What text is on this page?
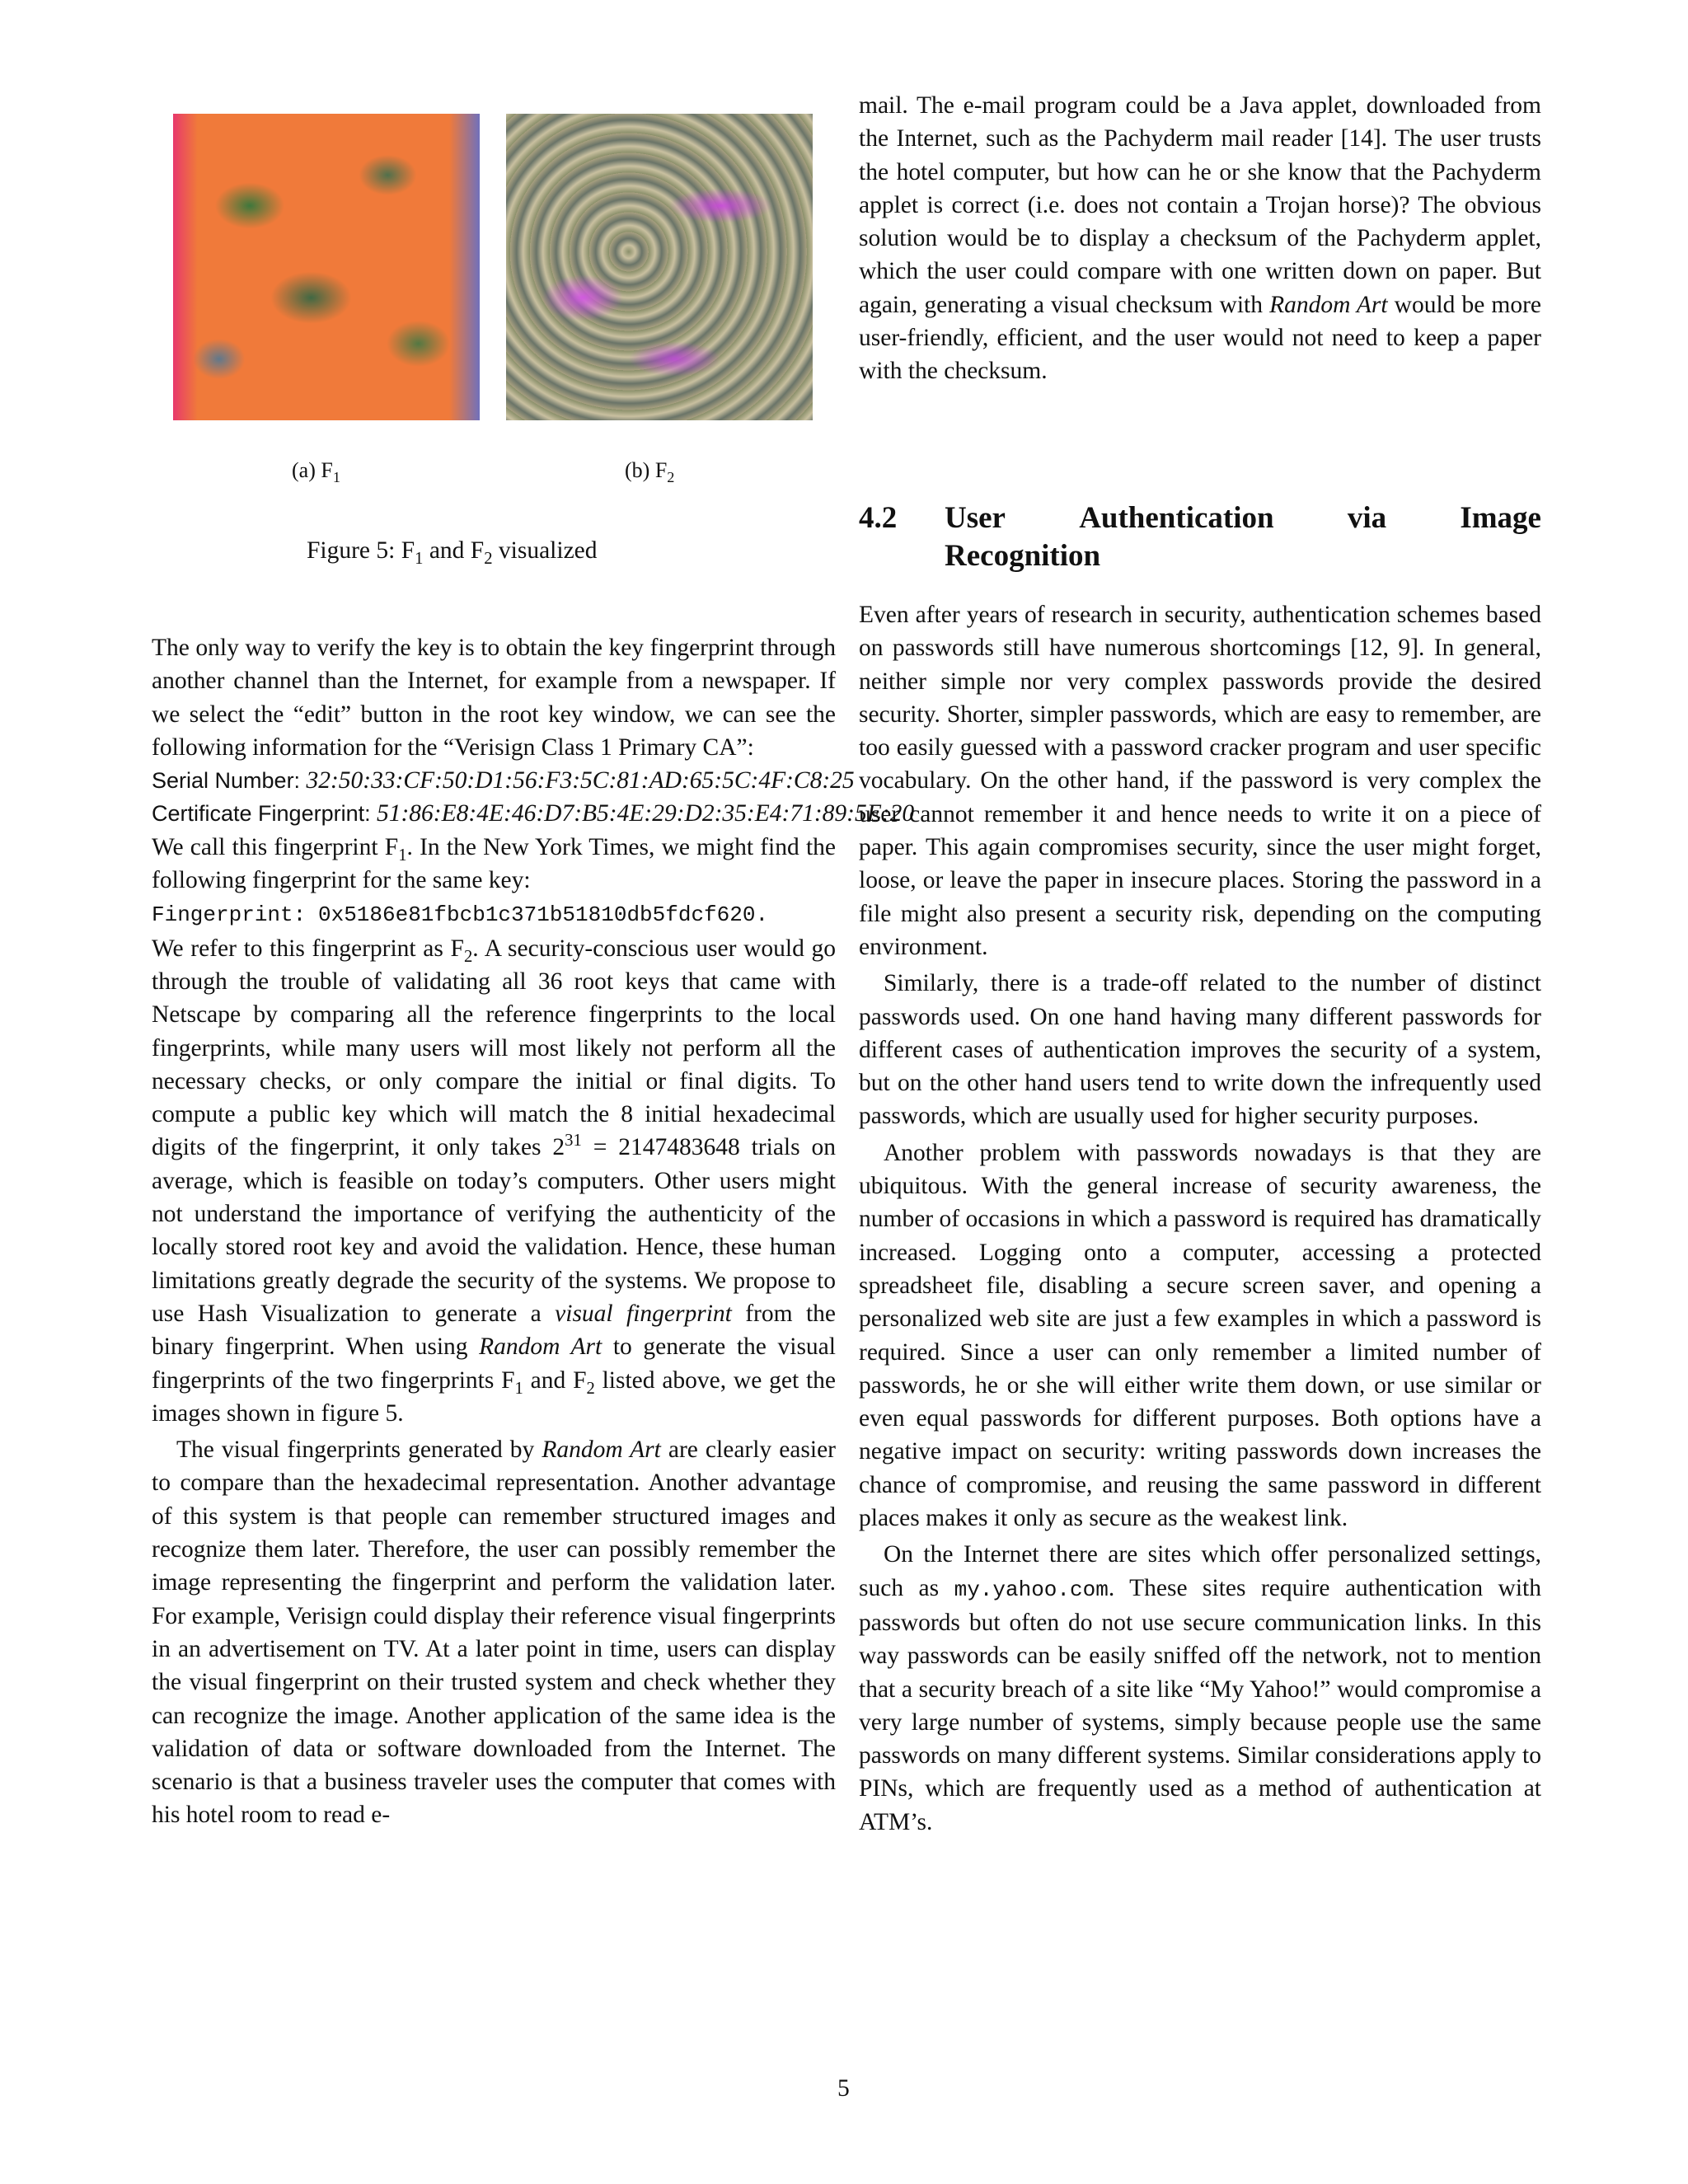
(a) $F_1$	(b) $F_2$
Figure 5: $F_1$ and $F_2$ visualized

The only way to verify the key is to obtain the key fingerprint through another channel than the Internet, for example from a newspaper. If we select the “edit” button in the root key window, we can see the following information for the “Verisign Class 1 Primary CA”:

Serial Number: 32:50:33:CF:50:D1:56:F3:5C:81:AD:65:5C:4F:C8:25

Certificate Fingerprint: 51:86:E8:4E:46:D7:B5:4E:29:D2:35:E4:71:89:5E:20

We call this fingerprint $F_1$. In the New York Times, we might find the following fingerprint for the same key:

Fingerprint: 0x5186e81fbcb1c371b51810db5fdcf620.

We refer to this fingerprint as $F_2$. A security-conscious user would go through the trouble of validating all 36 root keys that came with Netscape by comparing all the reference fingerprints to the local fingerprints, while many users will most likely not perform all the necessary checks, or only compare the initial or final digits. To compute a public key which will match the 8 initial hexadecimal digits of the fingerprint, it only takes $2^{31} = 2147483648$ trials on average, which is feasible on today’s computers. Other users might not understand the importance of verifying the authenticity of the locally stored root key and avoid the validation. Hence, these human limitations greatly degrade the security of the systems. We propose to use Hash Visualization to generate a visual fingerprint from the binary fingerprint. When using Random Art to generate the visual fingerprints of the two fingerprints $F_1$ and $F_2$ listed above, we get the images shown in figure 5.

The visual fingerprints generated by Random Art are clearly easier to compare than the hexadecimal representation. Another advantage of this system is that people can remember structured images and recognize them later. Therefore, the user can possibly remember the image representing the fingerprint and perform the validation later. For example, Verisign could display their reference visual fingerprints in an advertisement on TV. At a later point in time, users can display the visual fingerprint on their trusted system and check whether they can recognize the image. Another application of the same idea is the validation of data or software downloaded from the Internet. The scenario is that a business traveler uses the computer that comes with his hotel room to read e-

mail. The e-mail program could be a Java applet, downloaded from the Internet, such as the Pachyderm mail reader [14]. The user trusts the hotel computer, but how can he or she know that the Pachyderm applet is correct (i.e. does not contain a Trojan horse)? The obvious solution would be to display a checksum of the Pachyderm applet, which the user could compare with one written down on paper. But again, generating a visual checksum with Random Art would be more user-friendly, efficient, and the user would not need to keep a paper with the checksum.

4.2 User Authentication via Image
Recognition

Even after years of research in security, authentication schemes based on passwords still have numerous shortcomings [12, 9]. In general, neither simple nor very complex passwords provide the desired security. Shorter, simpler passwords, which are easy to remember, are too easily guessed with a password cracker program and user specific vocabulary. On the other hand, if the password is very complex the user cannot remember it and hence needs to write it on a piece of paper. This again compromises security, since the user might forget, loose, or leave the paper in insecure places. Storing the password in a file might also present a security risk, depending on the computing environment.

Similarly, there is a trade-off related to the number of distinct passwords used. On one hand having many different passwords for different cases of authentication improves the security of a system, but on the other hand users tend to write down the infrequently used passwords, which are usually used for higher security purposes.

Another problem with passwords nowadays is that they are ubiquitous. With the general increase of security awareness, the number of occasions in which a password is required has dramatically increased. Logging onto a computer, accessing a protected spreadsheet file, disabling a secure screen saver, and opening a personalized web site are just a few examples in which a password is required. Since a user can only remember a limited number of passwords, he or she will either write them down, or use similar or even equal passwords for different purposes. Both options have a negative impact on security: writing passwords down increases the chance of compromise, and reusing the same password in different places makes it only as secure as the weakest link.

On the Internet there are sites which offer personalized settings, such as my.yahoo.com. These sites require authentication with passwords but often do not use secure communication links. In this way passwords can be easily sniffed off the network, not to mention that a security breach of a site like “My Yahoo!” would compromise a very large number of systems, simply because people use the same passwords on many different systems. Similar considerations apply to PINs, which are frequently used as a method of authentication at ATM’s.

5
